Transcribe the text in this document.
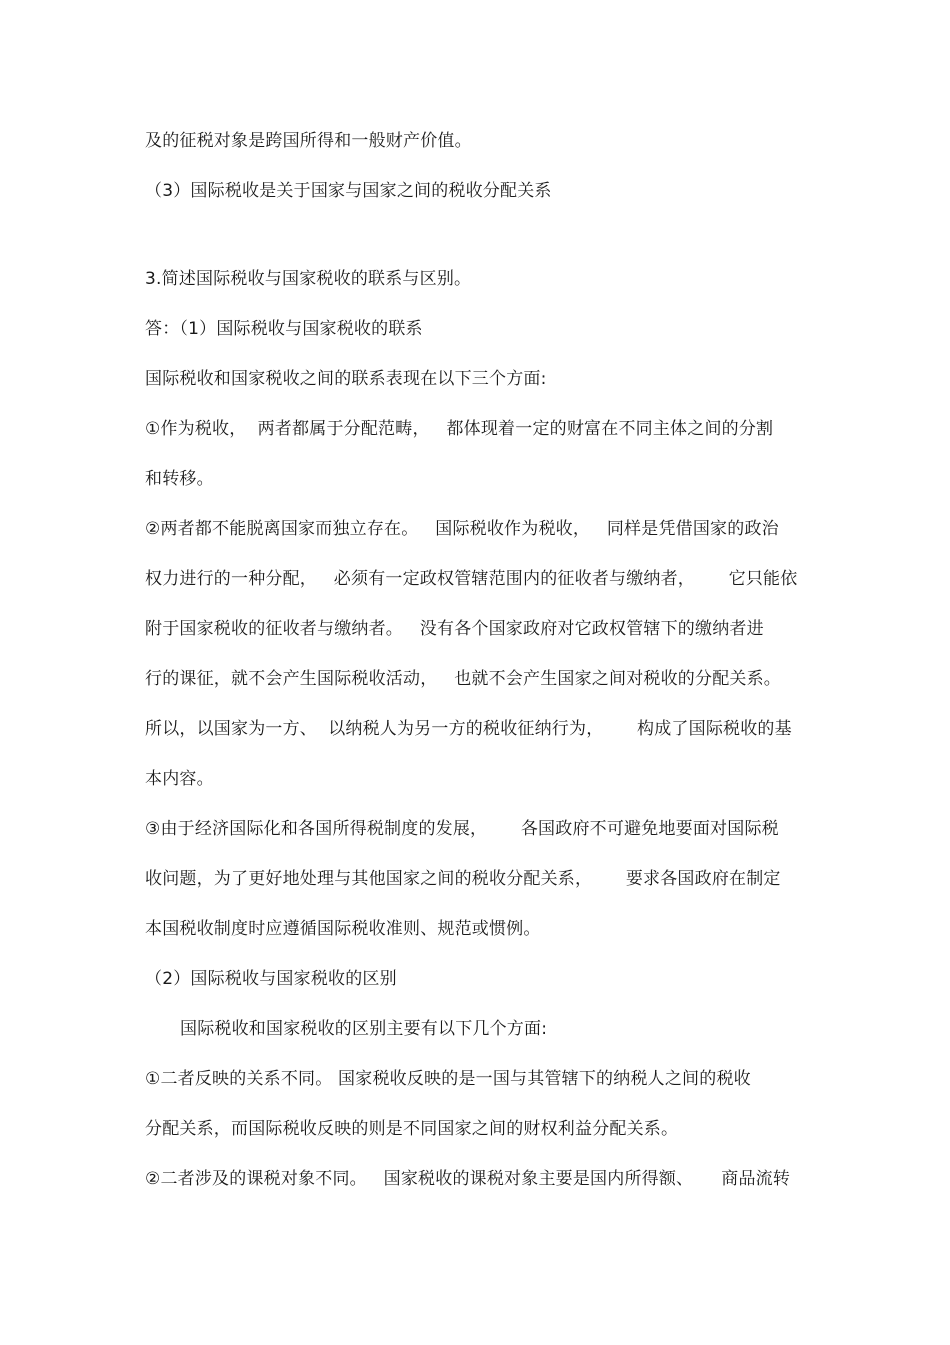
及的征税对象是跨国所得和一般财产价值。
（3）国际税收是关于国家与国家之间的税收分配关系
3.简述国际税收与国家税收的联系与区别。
答：（1）国际税收与国家税收的联系
国际税收和国家税收之间的联系表现在以下三个方面:
①作为税收，  两者都属于分配范畴，   都体现着一定的财富在不同主体之间的分割
和转移。
②两者都不能脱离国家而独立存在。   国际税收作为税收，   同样是凭借国家的政治
权力进行的一种分配，   必须有一定政权管辖范围内的征收者与缴纳者，      它只能依
附于国家税收的征收者与缴纳者。   没有各个国家政府对它政权管辖下的缴纳者进
行的课征，就不会产生国际税收活动，   也就不会产生国家之间对税收的分配关系。
所以，以国家为一方、  以纳税人为另一方的税收征纳行为，      构成了国际税收的基
本内容。
③由于经济国际化和各国所得税制度的发展，      各国政府不可避免地要面对国际税
收问题，为了更好地处理与其他国家之间的税收分配关系，      要求各国政府在制定
本国税收制度时应遵循国际税收准则、规范或惯例。
（2）国际税收与国家税收的区别
国际税收和国家税收的区别主要有以下几个方面:
①二者反映的关系不同。 国家税收反映的是一国与其管辖下的纳税人之间的税收
分配关系，而国际税收反映的则是不同国家之间的财权利益分配关系。
②二者涉及的课税对象不同。   国家税收的课税对象主要是国内所得额、     商品流转
